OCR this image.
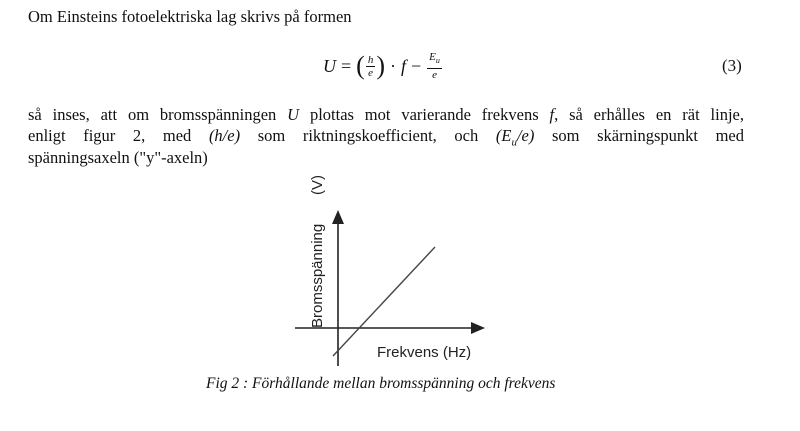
Om Einsteins fotoelektriska lag skrivs på formen
U = ( $\frac{h}{e}$ ) · $f - \frac{E_u}{e}$	(3)
så inses, att om bromsspänningen U plottas mot varierande frekvens f, så erhålles en rät linje,
enligt figur 2, med (h/e) som riktningskoefficient, och $(E_u/e)$ som skärningspunkt med
spänningsaxeln ("y"-axeln)
Bromsspänning
(V)
Frekvens (Hz)
Fig 2 : Förhållande mellan bromsspänning och frekvens
